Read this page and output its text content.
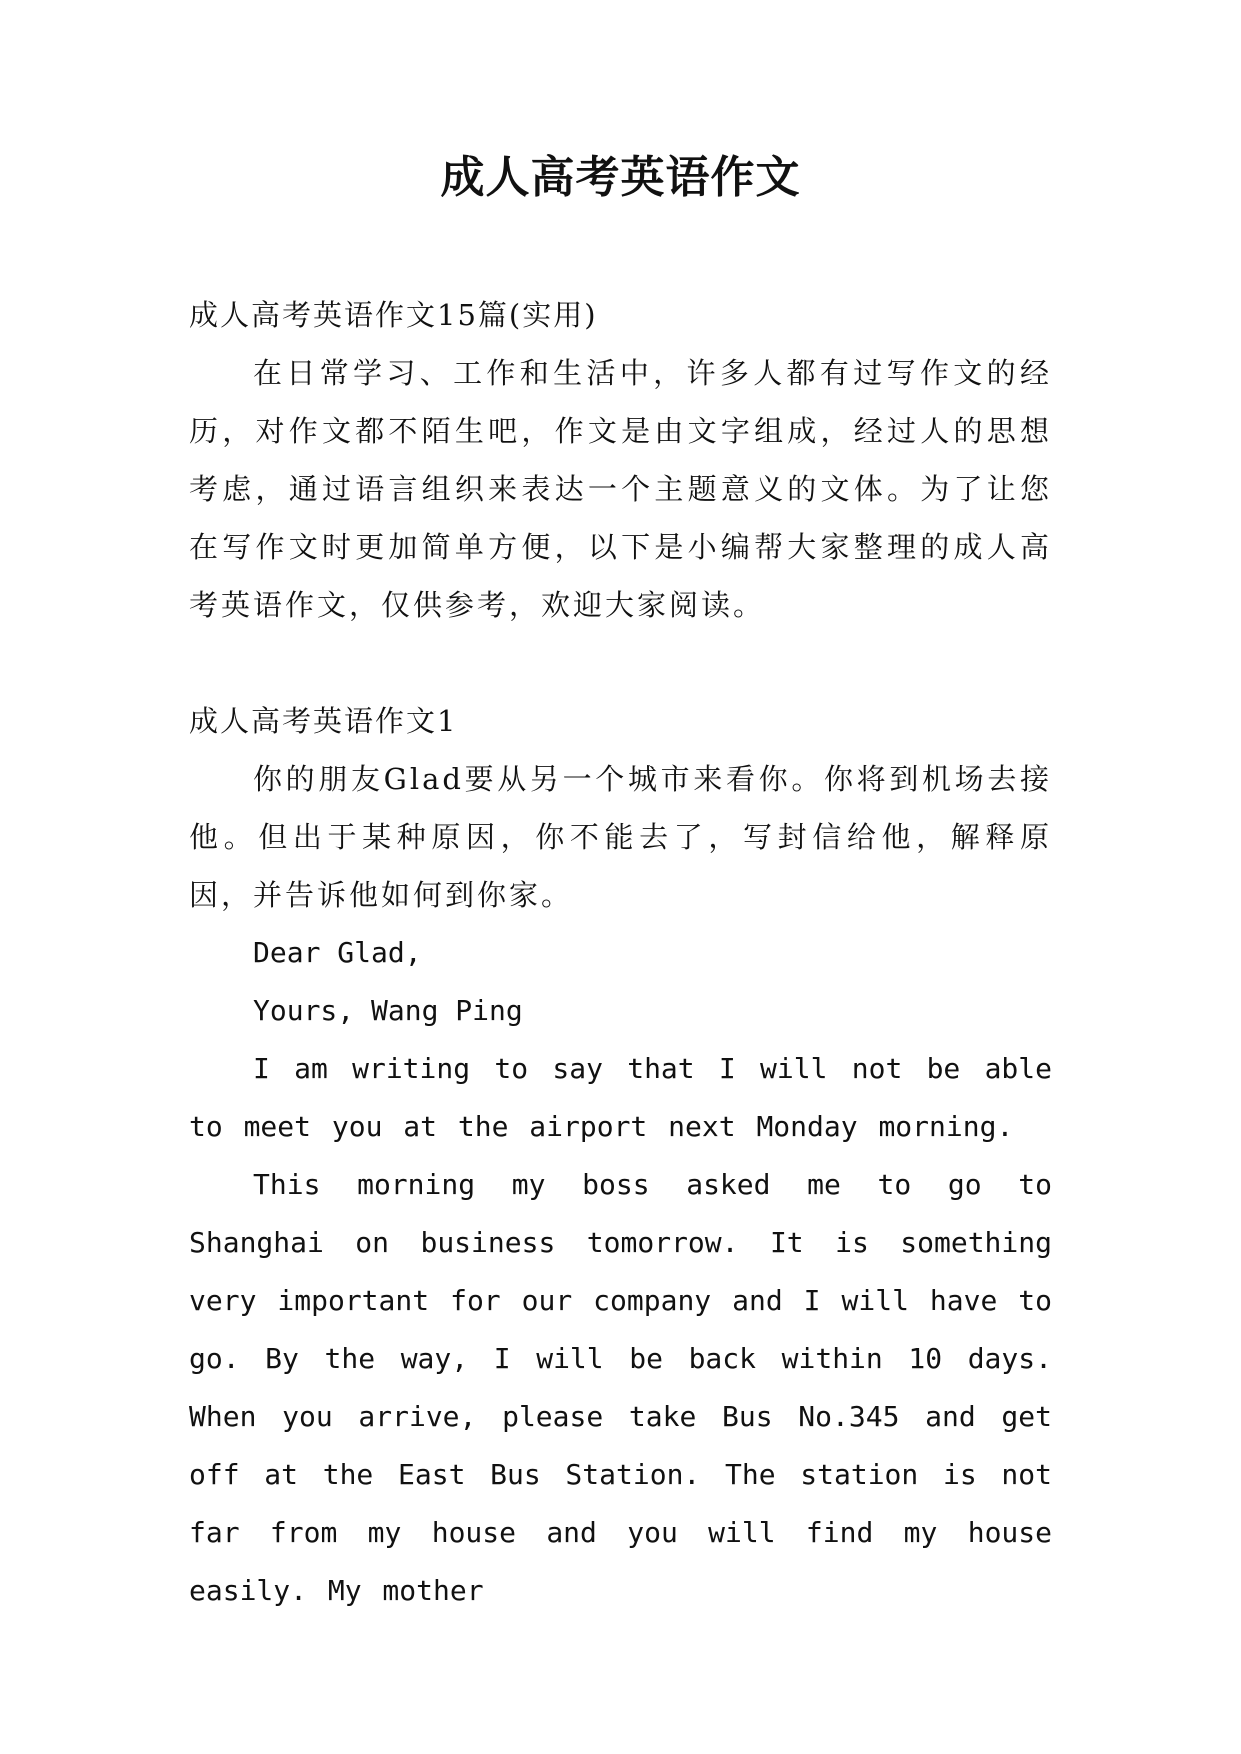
成人高考英语作文

成人高考英语作文15篇(实用)

在日常学习、工作和生活中，许多人都有过写作文的经历，对作文都不陌生吧，作文是由文字组成，经过人的思想考虑，通过语言组织来表达一个主题意义的文体。为了让您在写作文时更加简单方便，以下是小编帮大家整理的成人高考英语作文，仅供参考，欢迎大家阅读。

成人高考英语作文1

你的朋友Glad要从另一个城市来看你。你将到机场去接他。但出于某种原因，你不能去了，写封信给他，解释原因，并告诉他如何到你家。

Dear Glad,

Yours, Wang Ping

I am writing to say that I will not be able to meet you at the airport next Monday morning.

This morning my boss asked me to go to Shanghai on business tomorrow. It is something very important for our company and I will have to go. By the way, I will be back within 10 days. When you arrive, please take Bus No.345 and get off at the East Bus Station. The station is not far from my house and you will find my house easily. My mother
